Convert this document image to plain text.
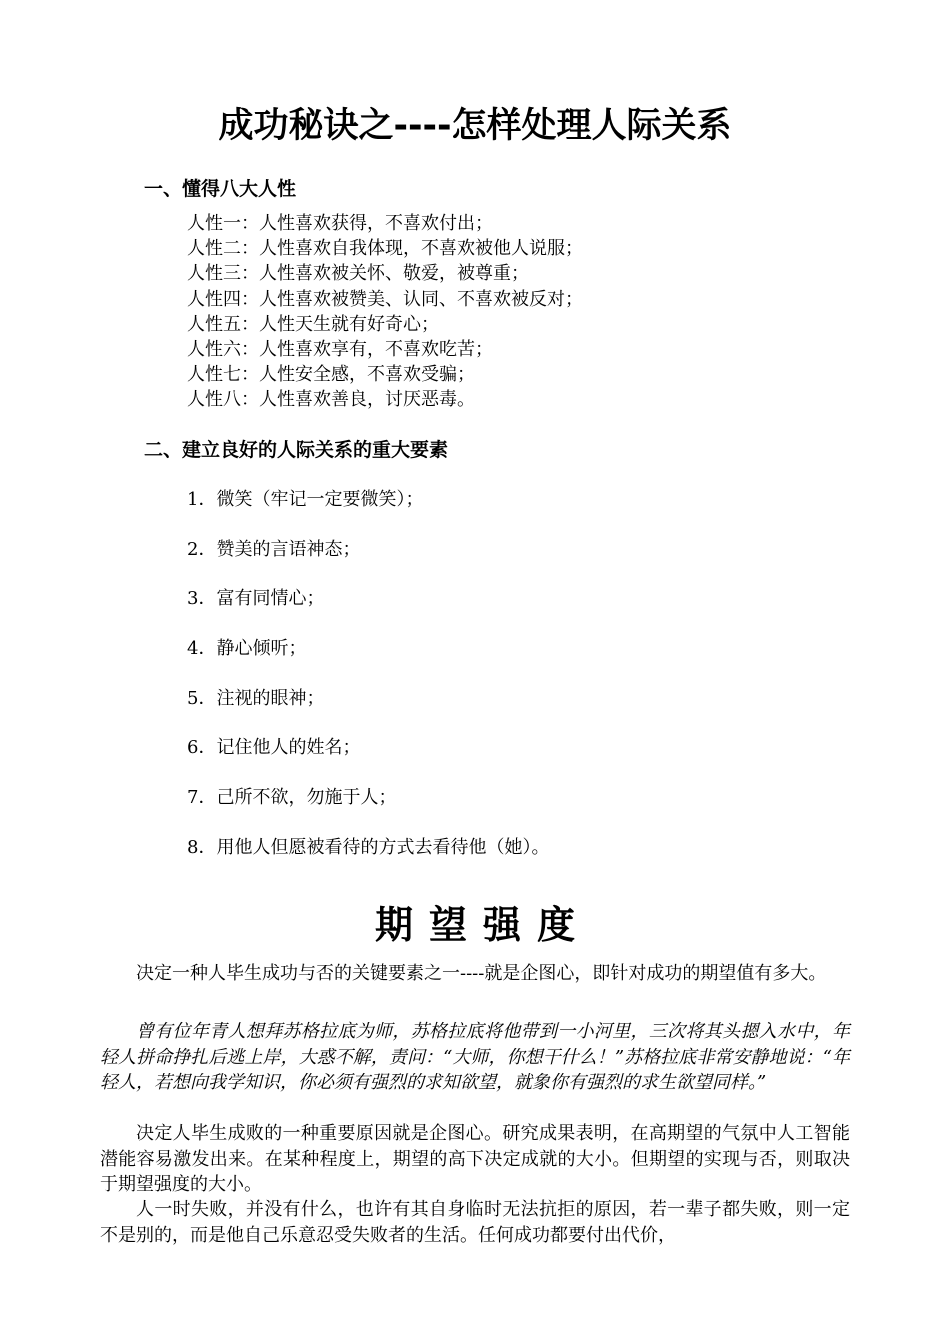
成功秘诀之----怎样处理人际关系
一、懂得八大人性
人性一：人性喜欢获得，不喜欢付出；
人性二：人性喜欢自我体现，不喜欢被他人说服；
人性三：人性喜欢被关怀、敬爱，被尊重；
人性四：人性喜欢被赞美、认同、不喜欢被反对；
人性五：人性天生就有好奇心；
人性六：人性喜欢享有，不喜欢吃苦；
人性七：人性安全感，不喜欢受骗；
人性八：人性喜欢善良，讨厌恶毒。
二、建立良好的人际关系的重大要素
1．微笑（牢记一定要微笑）；
2．赞美的言语神态；
3．富有同情心；
4．静心倾听；
5．注视的眼神；
6．记住他人的姓名；
7．己所不欲，勿施于人；
8．用他人但愿被看待的方式去看待他（她）。
期望强度
决定一种人毕生成功与否的关键要素之一----就是企图心，即针对成功的期望值有多大。
曾有位年青人想拜苏格拉底为师，苏格拉底将他带到一小河里，三次将其头摁入水中，年轻人拼命挣扎后逃上岸，大惑不解，责问：“大师，你想干什么！”苏格拉底非常安静地说：“年轻人，若想向我学知识，你必须有强烈的求知欲望，就象你有强烈的求生欲望同样。”
决定人毕生成败的一种重要原因就是企图心。研究成果表明，在高期望的气氛中人工智能潜能容易激发出来。在某种程度上，期望的高下决定成就的大小。但期望的实现与否，则取决于期望强度的大小。
人一时失败，并没有什么，也许有其自身临时无法抗拒的原因，若一辈子都失败，则一定不是别的，而是他自己乐意忍受失败者的生活。任何成功都要付出代价，
